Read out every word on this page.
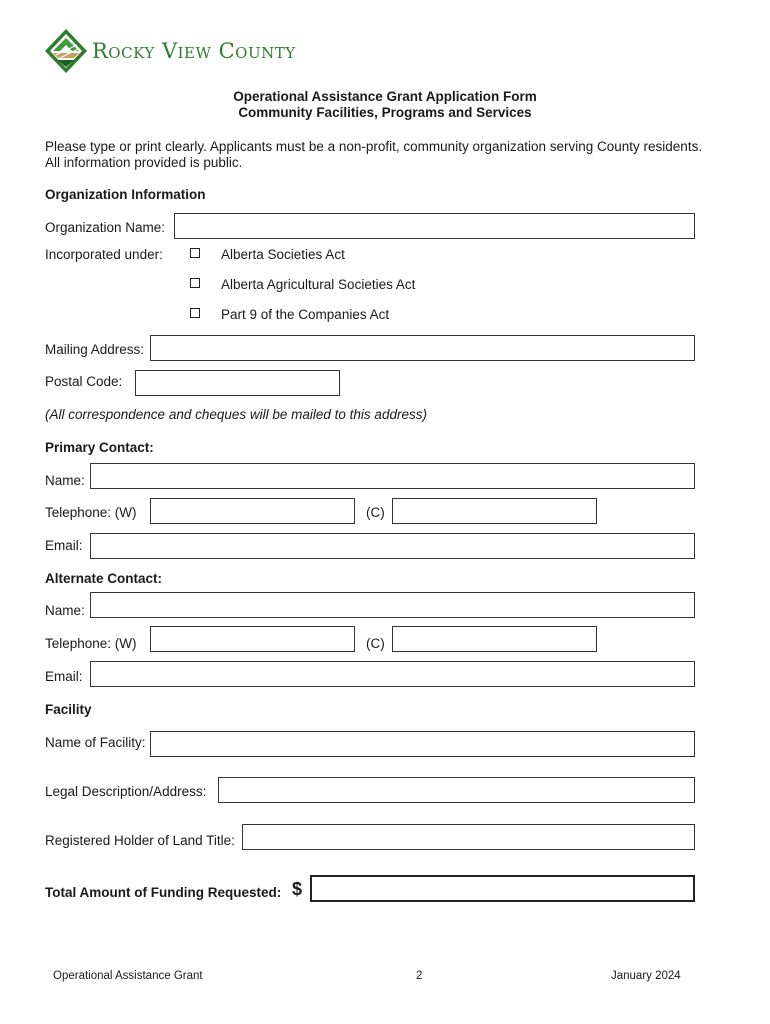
Rocky View County
Operational Assistance Grant Application Form
Community Facilities, Programs and Services
Please type or print clearly. Applicants must be a non-profit, community organization serving County residents.
All information provided is public.
Organization Information
Organization Name:
Incorporated under:	Alberta Societies Act
Alberta Agricultural Societies Act
Part 9 of the Companies Act
Mailing Address:
Postal Code:
(All correspondence and cheques will be mailed to this address)
Primary Contact:
Name:
Telephone: (W)	(C)
Email:
Alternate Contact:
Name:
Telephone: (W)	(C)
Email:
Facility
Name of Facility:
Legal Description/Address:
Registered Holder of Land Title:
Total Amount of Funding Requested: $
Operational Assistance Grant	2	January 2024
